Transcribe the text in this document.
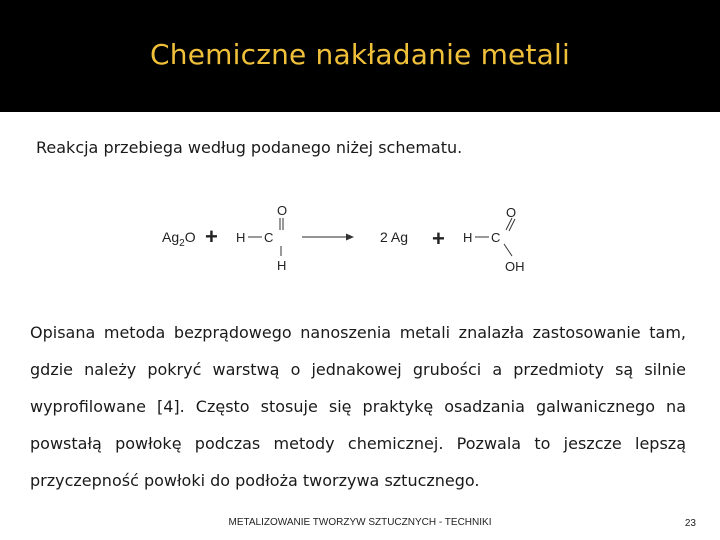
Chemiczne nakładanie metali
Reakcja przebiega według podanego niżej schematu.
$Ag_2O + H$ C
O
H
2 Ag + H C
O
OH
Opisana metoda bezprądowego nanoszenia metali znalazła zastosowanie tam,
gdzie należy pokryć warstwą o jednakowej grubości a przedmioty są silnie
wyprofilowane [4]. Często stosuje się praktykę osadzania galwanicznego na
powstałą powłokę podczas metody chemicznej. Pozwala to jeszcze lepszą
przyczepność powłoki do podłoża tworzywa sztucznego.
METALIZOWANIE TWORZYW SZTUCZNYCH - TECHNIKI	23
